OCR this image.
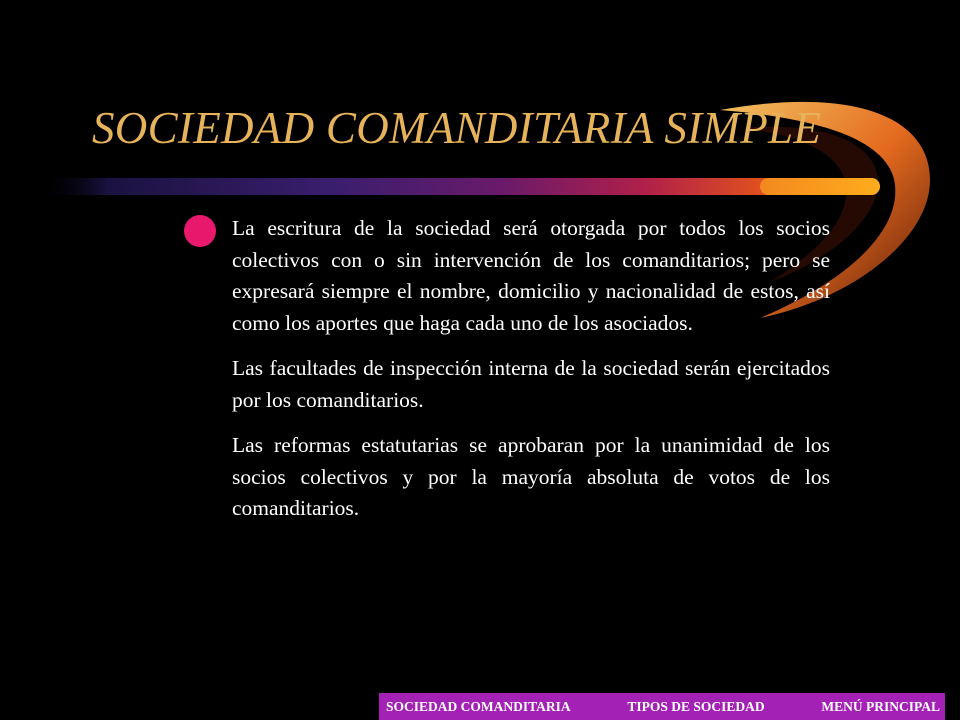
SOCIEDAD COMANDITARIA SIMPLE

La escritura de la sociedad será otorgada por todos los socios colectivos con o sin intervención de los comanditarios; pero se expresará siempre el nombre, domicilio y nacionalidad de estos, así como los aportes que haga cada uno de los asociados.

Las facultades de inspección interna de la sociedad serán ejercitados por los comanditarios.

Las reformas estatutarias se aprobaran por la unanimidad de los socios colectivos y por la mayoría absoluta de votos de los comanditarios.

SOCIEDAD COMANDITARIA	TIPOS DE SOCIEDAD	MENÚ PRINCIPAL
